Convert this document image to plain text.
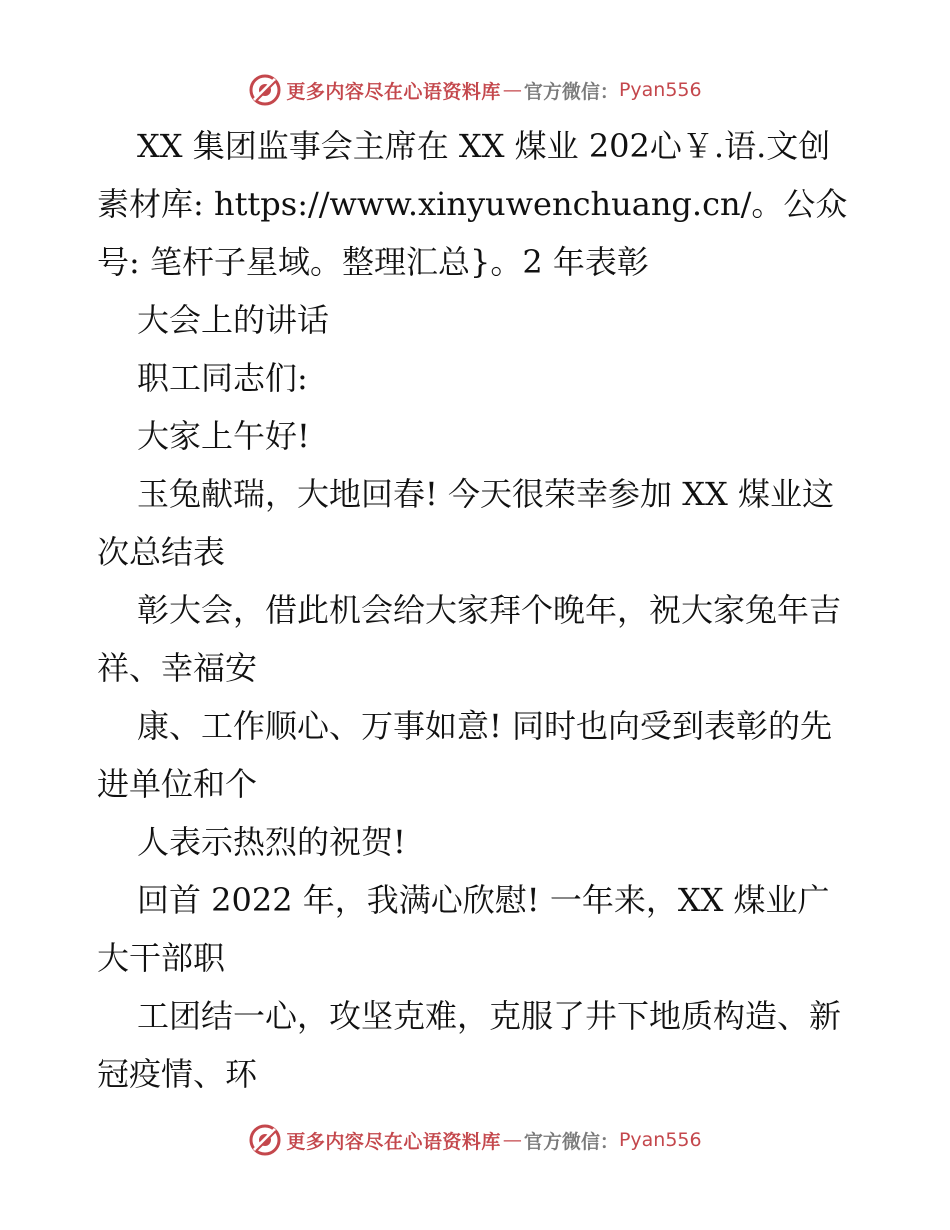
更多内容尽在心语资料库 — 官方微信： Pyan556

XX 集团监事会主席在 XX 煤业 202心￥.语.文创素材库: https://www.xinyuwenchuang.cn/。公众号: 笔杆子星域。整理汇总}。2 年表彰

大会上的讲话

职工同志们:

大家上午好!

玉兔献瑞，大地回春! 今天很荣幸参加 XX 煤业这次总结表

彰大会，借此机会给大家拜个晚年，祝大家兔年吉祥、幸福安

康、工作顺心、万事如意! 同时也向受到表彰的先进单位和个

人表示热烈的祝贺!

回首 2022 年，我满心欣慰! 一年来，XX 煤业广大干部职

工团结一心，攻坚克难，克服了井下地质构造、新冠疫情、环

更多内容尽在心语资料库 — 官方微信： Pyan556
